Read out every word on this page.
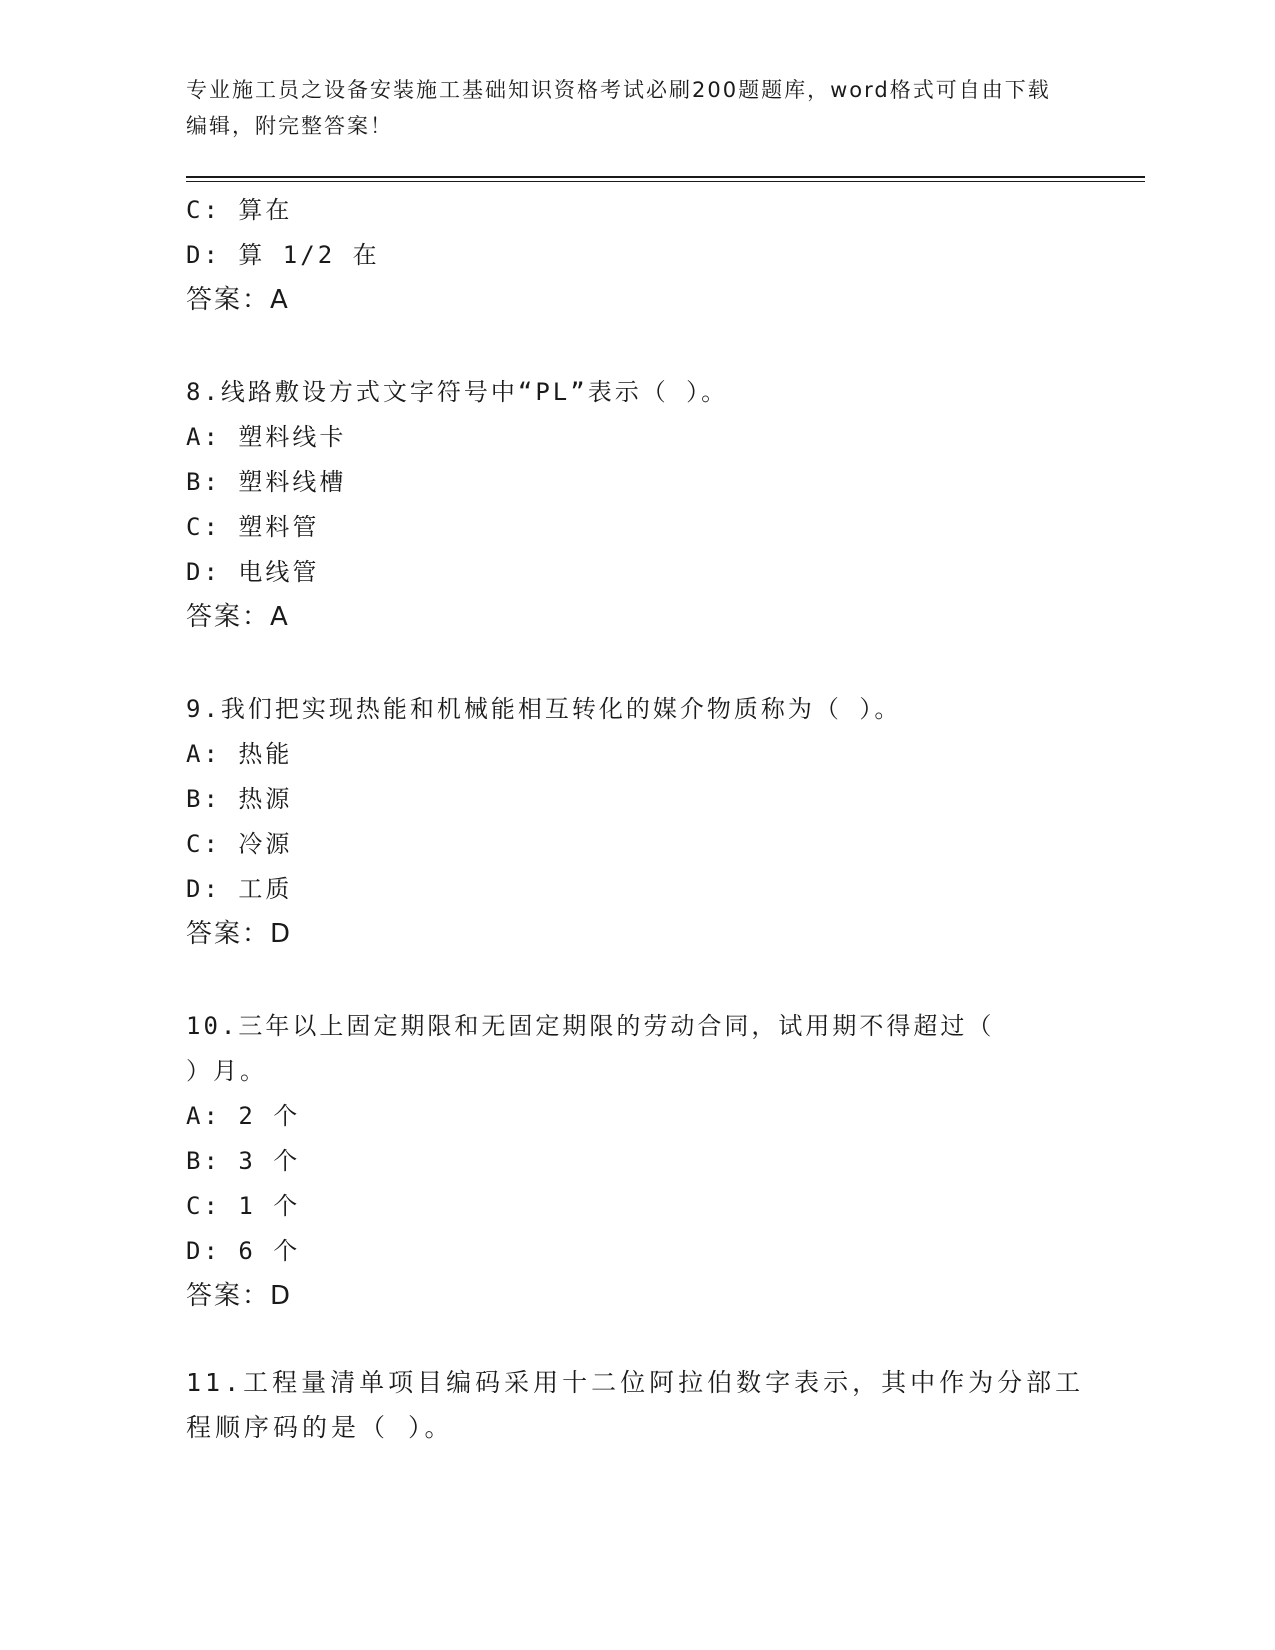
专业施工员之设备安装施工基础知识资格考试必刷200题题库，word格式可自由下载编辑，附完整答案！
C: 算在
D: 算 1/2 在
答案：A
8.线路敷设方式文字符号中“PL”表示（ ）。
A: 塑料线卡
B: 塑料线槽
C: 塑料管
D: 电线管
答案：A
9.我们把实现热能和机械能相互转化的媒介物质称为（ ）。
A: 热能
B: 热源
C: 冷源
D: 工质
答案：D
10.三年以上固定期限和无固定期限的劳动合同，试用期不得超过（
）月。
A: 2 个
B: 3 个
C: 1 个
D: 6 个
答案：D
11.工程量清单项目编码采用十二位阿拉伯数字表示，其中作为分部工
程顺序码的是（ ）。
